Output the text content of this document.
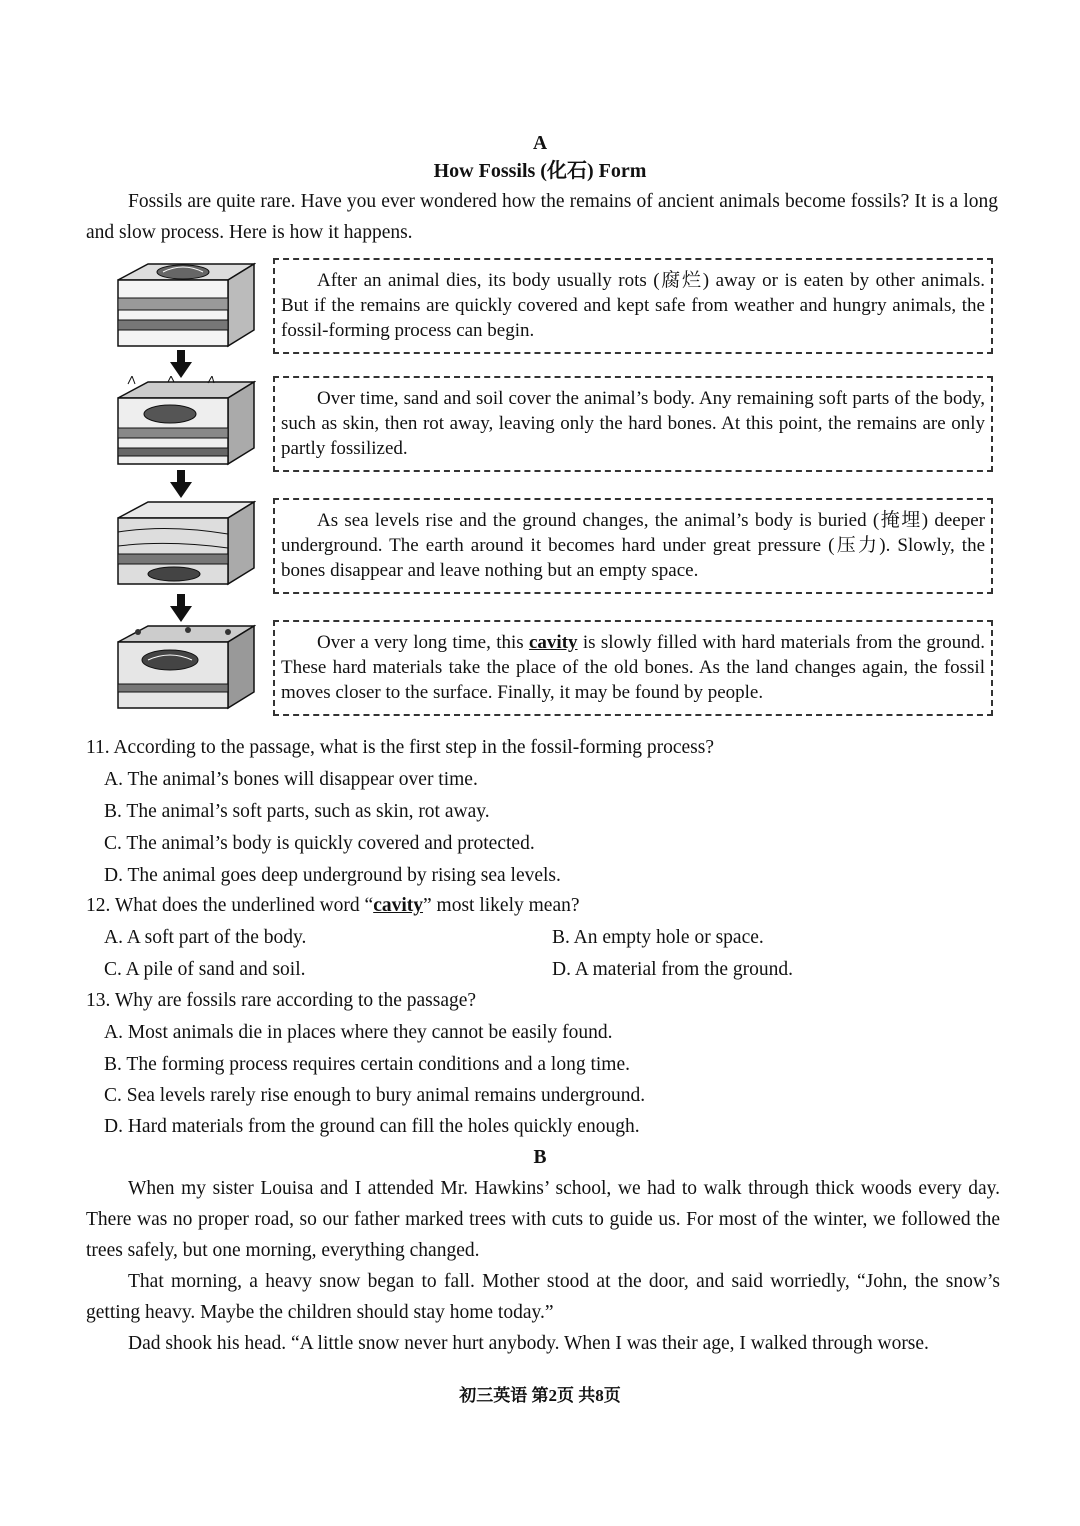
A
How Fossils (化石) Form
Fossils are quite rare. Have you ever wondered how the remains of ancient animals become fossils? It is a long and slow process. Here is how it happens.

After an animal dies, its body usually rots (腐烂) away or is eaten by other animals. But if the remains are quickly covered and kept safe from weather and hungry animals, the fossil-forming process can begin.

Over time, sand and soil cover the animal’s body. Any remaining soft parts of the body, such as skin, then rot away, leaving only the hard bones. At this point, the remains are only partly fossilized.

As sea levels rise and the ground changes, the animal’s body is buried (掩埋) deeper underground. The earth around it becomes hard under great pressure (压力). Slowly, the bones disappear and leave nothing but an empty space.

Over a very long time, this cavity is slowly filled with hard materials from the ground. These hard materials take the place of the old bones. As the land changes again, the fossil moves closer to the surface. Finally, it may be found by people.

11. According to the passage, what is the first step in the fossil-forming process?
A. The animal’s bones will disappear over time.
B. The animal’s soft parts, such as skin, rot away.
C. The animal’s body is quickly covered and protected.
D. The animal goes deep underground by rising sea levels.
12. What does the underlined word “cavity” most likely mean?
A. A soft part of the body.	B. An empty hole or space.
C. A pile of sand and soil.	D. A material from the ground.
13. Why are fossils rare according to the passage?
A. Most animals die in places where they cannot be easily found.
B. The forming process requires certain conditions and a long time.
C. Sea levels rarely rise enough to bury animal remains underground.
D. Hard materials from the ground can fill the holes quickly enough.
B
When my sister Louisa and I attended Mr. Hawkins’ school, we had to walk through thick woods every day. There was no proper road, so our father marked trees with cuts to guide us. For most of the winter, we followed the trees safely, but one morning, everything changed.
That morning, a heavy snow began to fall. Mother stood at the door, and said worriedly, “John, the snow’s getting heavy. Maybe the children should stay home today.”
Dad shook his head. “A little snow never hurt anybody. When I was their age, I walked through worse.
初三英语 第2页 共8页
